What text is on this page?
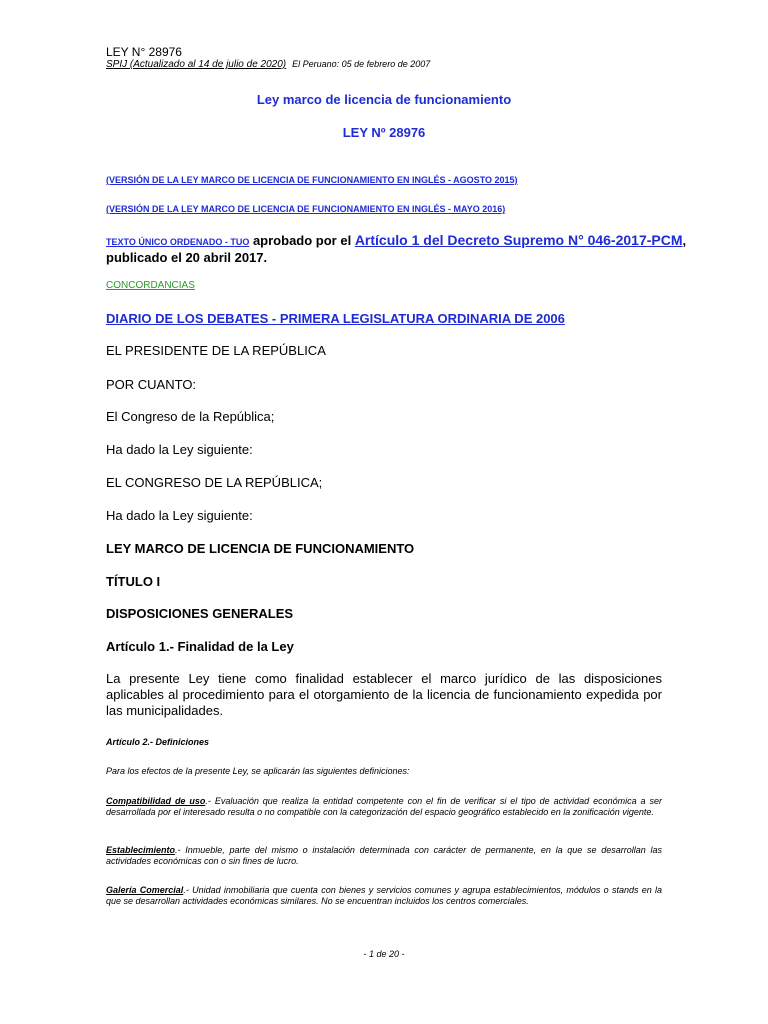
LEY N° 28976
SPIJ (Actualizado al 14 de julio de 2020) El Peruano: 05 de febrero de 2007
Ley marco de licencia de funcionamiento
LEY Nº 28976
(VERSIÓN DE LA LEY MARCO DE LICENCIA DE FUNCIONAMIENTO EN INGLÉS - AGOSTO 2015)
(VERSIÓN DE LA LEY MARCO DE LICENCIA DE FUNCIONAMIENTO EN INGLÉS - MAYO 2016)
TEXTO ÚNICO ORDENADO - TUO aprobado por el Artículo 1 del Decreto Supremo N° 046-2017-PCM,
publicado el 20 abril 2017.
CONCORDANCIAS
DIARIO DE LOS DEBATES - PRIMERA LEGISLATURA ORDINARIA DE 2006
EL PRESIDENTE DE LA REPÚBLICA
POR CUANTO:
El Congreso de la República;
Ha dado la Ley siguiente:
EL CONGRESO DE LA REPÚBLICA;
Ha dado la Ley siguiente:
LEY MARCO DE LICENCIA DE FUNCIONAMIENTO
TÍTULO I
DISPOSICIONES GENERALES
Artículo 1.- Finalidad de la Ley
La presente Ley tiene como finalidad establecer el marco jurídico de las disposiciones aplicables al procedimiento para el otorgamiento de la licencia de funcionamiento expedida por las municipalidades.
Artículo 2.- Definiciones
Para los efectos de la presente Ley, se aplicarán las siguientes definiciones:
Compatibilidad de uso.- Evaluación que realiza la entidad competente con el fin de verificar si el tipo de actividad económica a ser desarrollada por el interesado resulta o no compatible con la categorización del espacio geográfico establecido en la zonificación vigente.
Establecimiento.- Inmueble, parte del mismo o instalación determinada con carácter de permanente, en la que se desarrollan las actividades económicas con o sin fines de lucro.
Galería Comercial.- Unidad inmobiliaria que cuenta con bienes y servicios comunes y agrupa establecimientos, módulos o stands en la que se desarrollan actividades económicas similares. No se encuentran incluidos los centros comerciales.
- 1 de 20 -
